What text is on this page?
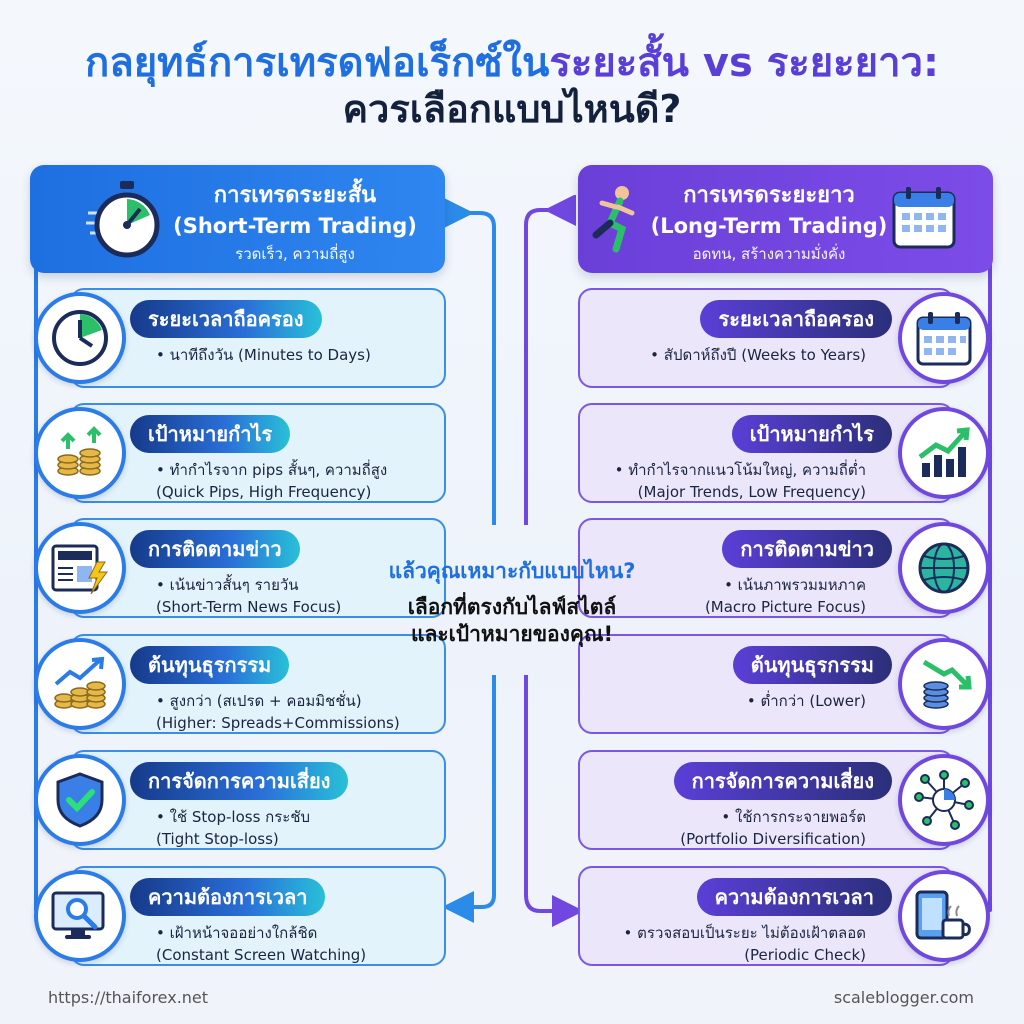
กลยุทธ์การเทรดฟอเร็กซ์ในระยะสั้น vs ระยะยาว:
ควรเลือกแบบไหนดี?
การเทรดระยะสั้น
(Short-Term Trading)
รวดเร็ว, ความถี่สูง
การเทรดระยะยาว
(Long-Term Trading)
อดทน, สร้างความมั่งคั่ง
ระยะเวลาถือครอง
• นาทีถึงวัน (Minutes to Days)
เป้าหมายกำไร
• ทำกำไรจาก pips สั้นๆ, ความถี่สูง
(Quick Pips, High Frequency)
การติดตามข่าว
• เน้นข่าวสั้นๆ รายวัน
(Short-Term News Focus)
ต้นทุนธุรกรรม
• สูงกว่า (สเปรด + คอมมิชชั่น)
(Higher: Spreads+Commissions)
การจัดการความเสี่ยง
• ใช้ Stop-loss กระชับ
(Tight Stop-loss)
ความต้องการเวลา
• เฝ้าหน้าจออย่างใกล้ชิด
(Constant Screen Watching)
ระยะเวลาถือครอง
• สัปดาห์ถึงปี (Weeks to Years)
เป้าหมายกำไร
• ทำกำไรจากแนวโน้มใหญ่, ความถี่ต่ำ
(Major Trends, Low Frequency)
การติดตามข่าว
• เน้นภาพรวมมหภาค
(Macro Picture Focus)
ต้นทุนธุรกรรม
• ต่ำกว่า (Lower)
การจัดการความเสี่ยง
• ใช้การกระจายพอร์ต
(Portfolio Diversification)
ความต้องการเวลา
• ตรวจสอบเป็นระยะ ไม่ต้องเฝ้าตลอด
(Periodic Check)
แล้วคุณเหมาะกับแบบไหน?
เลือกที่ตรงกับไลฟ์สไตล์
และเป้าหมายของคุณ!
https://thaiforex.net	scaleblogger.com
